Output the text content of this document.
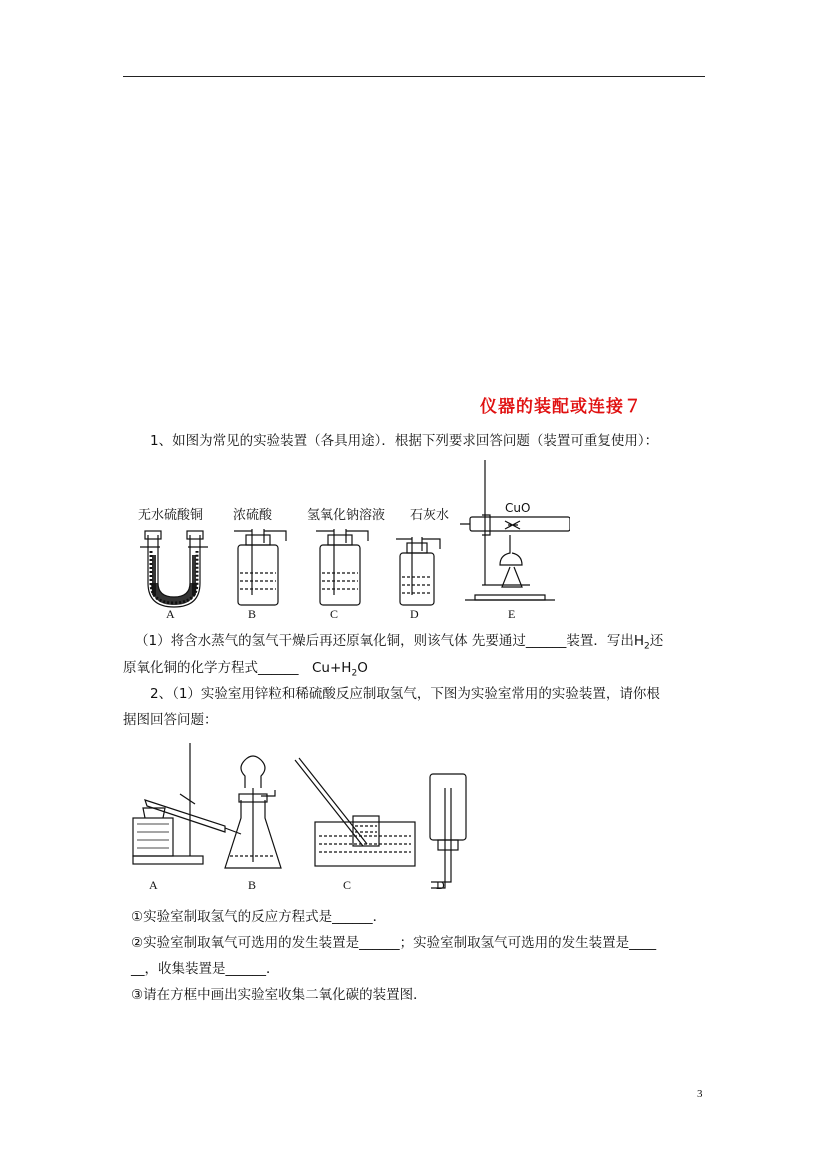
仪器的装配或连接７
1、如图为常见的实验装置（各具用途）．根据下列要求回答问题（装置可重复使用）：
无水硫酸铜 浓硫酸	氢氧化钠溶液 石灰水	CuO
A	B	C	D	E
（1）将含水蒸气的氢气干燥后再还原氧化铜，则该气体 先要通过______装置．写出$H_2$还
原氧化铜的化学方程式______　$Cu+H_2O$
2、（1）实验室用锌粒和稀硫酸反应制取氢气，下图为实验室常用的实验装置，请你根
据图回答问题：
A	B	C	D
①实验室制取氢气的反应方程式是______．
②实验室制取氧气可选用的发生装置是______；实验室制取氢气可选用的发生装置是____
__，收集装置是______．
③请在方框中画出实验室收集二氧化碳的装置图．
3
